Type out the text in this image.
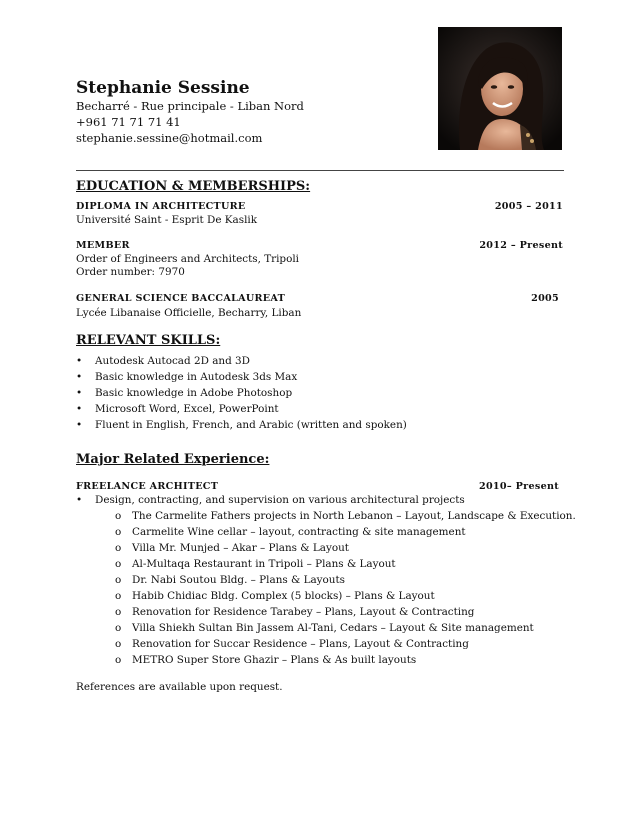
Stephanie Sessine
Becharré - Rue principale - Liban Nord
+961 71 71 71 41
stephanie.sessine@hotmail.com
EDUCATION & MEMBERSHIPS:
DIPLOMA IN ARCHITECTURE	2005 – 2011
Université Saint - Esprit De Kaslik
MEMBER	2012 – Present
Order of Engineers and Architects, Tripoli
Order number: 7970
GENERAL SCIENCE BACCALAUREAT	2005
Lycée Libanaise Officielle, Becharry, Liban
RELEVANT SKILLS:
• Autodesk Autocad 2D and 3D
• Basic knowledge in Autodesk 3ds Max
• Basic knowledge in Adobe Photoshop
• Microsoft Word, Excel, PowerPoint
• Fluent in English, French, and Arabic (written and spoken)
Major Related Experience:
FREELANCE ARCHITECT	2010– Present
• Design, contracting, and supervision on various architectural projects
o The Carmelite Fathers projects in North Lebanon – Layout, Landscape & Execution.
o Carmelite Wine cellar – layout, contracting & site management
o Villa Mr. Munjed – Akar – Plans & Layout
o Al-Multaqa Restaurant in Tripoli – Plans & Layout
o Dr. Nabi Soutou Bldg. – Plans & Layouts
o Habib Chidiac Bldg. Complex (5 blocks) – Plans & Layout
o Renovation for Residence Tarabey – Plans, Layout & Contracting
o Villa Shiekh Sultan Bin Jassem Al-Tani, Cedars – Layout & Site management
o Renovation for Succar Residence – Plans, Layout & Contracting
o METRO Super Store Ghazir – Plans & As built layouts
References are available upon request.
